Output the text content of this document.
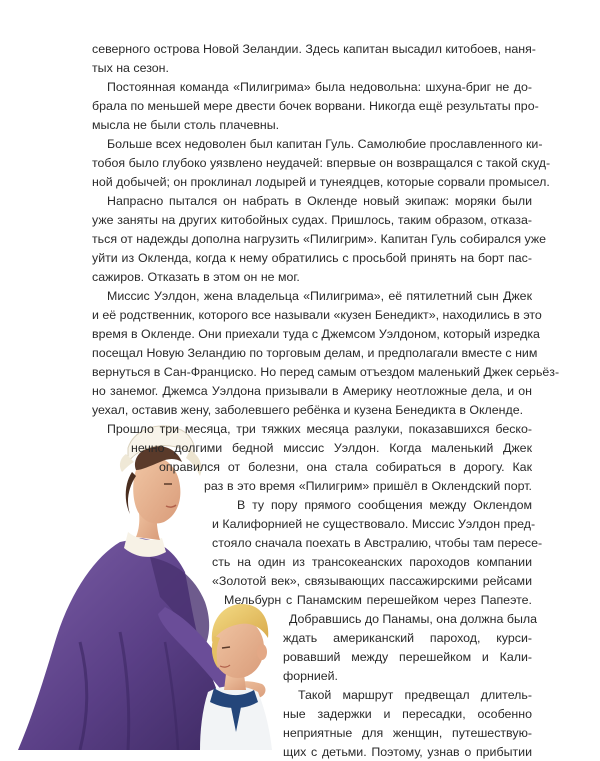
северного острова Новой Зеландии. Здесь капитан высадил китобоев, наня-

тых на сезон.

Постоянная команда «Пилигрима» была недовольна: шхуна-бриг не до-

брала по меньшей мере двести бочек ворвани. Никогда ещё результаты про-

мысла не были столь плачевны.

Больше всех недоволен был капитан Гуль. Самолюбие прославленного ки-

тобоя было глубоко уязвлено неудачей: впервые он возвращался с такой скуд-

ной добычей; он проклинал лодырей и тунеядцев, которые сорвали промысел.

Напрасно пытался он набрать в Окленде новый экипаж: моряки были

уже заняты на других китобойных судах. Пришлось, таким образом, отказа-

ться от надежды дополна нагрузить «Пилигрим». Капитан Гуль собирался уже

уйти из Окленда, когда к нему обратились с просьбой принять на борт пас-

сажиров. Отказать в этом он не мог.

Миссис Уэлдон, жена владельца «Пилигрима», её пятилетний сын Джек

и её родственник, которого все называли «кузен Бенедикт», находились в это

время в Окленде. Они приехали туда с Джемсом Уэлдоном, который изредка

посещал Новую Зеландию по торговым делам, и предполагали вместе с ним

вернуться в Сан-Франциско. Но перед самым отъездом маленький Джек серьёз-

но занемог. Джемса Уэлдона призывали в Америку неотложные дела, и он

уехал, оставив жену, заболевшего ребёнка и кузена Бенедикта в Окленде.

Прошло три месяца, три тяжких месяца разлуки, показавшихся беско-

нечно долгими бедной миссис Уэлдон. Когда маленький Джек

оправился от болезни, она стала собираться в дорогу. Как

раз в это время «Пилигрим» пришёл в Оклендский порт.

В ту пору прямого сообщения между Оклендом

и Калифорнией не существовало. Миссис Уэлдон пред-

стояло сначала поехать в Австралию, чтобы там пересе-

сть на один из трансокеанских пароходов компании

«Золотой век», связывающих пассажирскими рейсами

Мельбурн с Панамским перешейком через Папеэте.

Добравшись до Панамы, она должна была

ждать американский пароход, курси-

ровавший между перешейком и Кали-

форнией.

Такой маршрут предвещал длитель-

ные задержки и пересадки, особенно

неприятные для женщин, путешествую-

щих с детьми. Поэтому, узнав о прибытии
